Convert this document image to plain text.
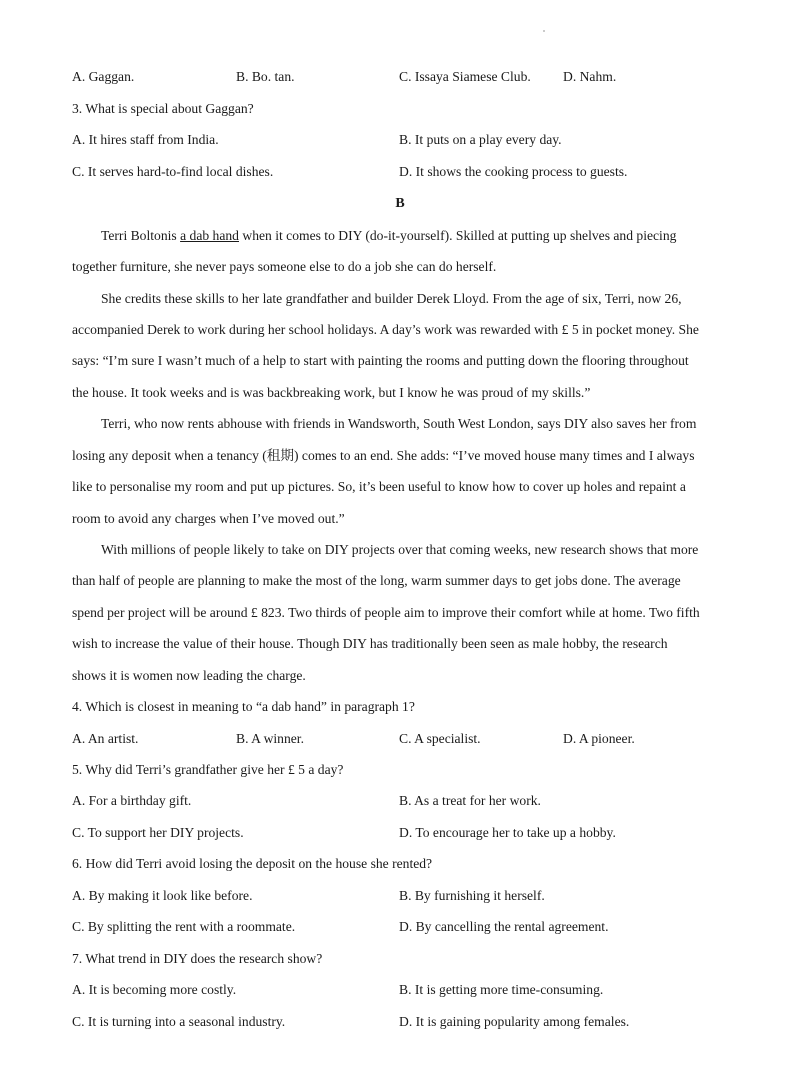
A. Gaggan.	B. Bo. tan.	C. Issaya Siamese Club. D. Nahm.
3. What is special about Gaggan?
A. It hires staff from India.	B. It puts on a play every day.
C. It serves hard-to-find local dishes.	D. It shows the cooking process to guests.
B
Terri Boltonis a dab hand when it comes to DIY (do-it-yourself). Skilled at putting up shelves and piecing
together furniture, she never pays someone else to do a job she can do herself.
She credits these skills to her late grandfather and builder Derek Lloyd. From the age of six, Terri, now 26,
accompanied Derek to work during her school holidays. A day’s work was rewarded with £ 5 in pocket money. She
says: “I’m sure I wasn’t much of a help to start with painting the rooms and putting down the flooring throughout
the house. It took weeks and is was backbreaking work, but I know he was proud of my skills.”
Terri, who now rents abhouse with friends in Wandsworth, South West London, says DIY also saves her from
losing any deposit when a tenancy (租期) comes to an end. She adds: “I’ve moved house many times and I always
like to personalise my room and put up pictures. So, it’s been useful to know how to cover up holes and repaint a
room to avoid any charges when I’ve moved out.”
With millions of people likely to take on DIY projects over that coming weeks, new research shows that more
than half of people are planning to make the most of the long, warm summer days to get jobs done. The average
spend per project will be around £ 823. Two thirds of people aim to improve their comfort while at home. Two fifth
wish to increase the value of their house. Though DIY has traditionally been seen as male hobby, the research
shows it is women now leading the charge.
4. Which is closest in meaning to “a dab hand” in paragraph 1?
A. An artist.	B. A winner.	C. A specialist.	D. A pioneer.
5. Why did Terri’s grandfather give her £ 5 a day?
A. For a birthday gift.	B. As a treat for her work.
C. To support her DIY projects.	D. To encourage her to take up a hobby.
6. How did Terri avoid losing the deposit on the house she rented?
A. By making it look like before.	B. By furnishing it herself.
C. By splitting the rent with a roommate.	D. By cancelling the rental agreement.
7. What trend in DIY does the research show?
A. It is becoming more costly.	B. It is getting more time-consuming.
C. It is turning into a seasonal industry.	D. It is gaining popularity among females.
